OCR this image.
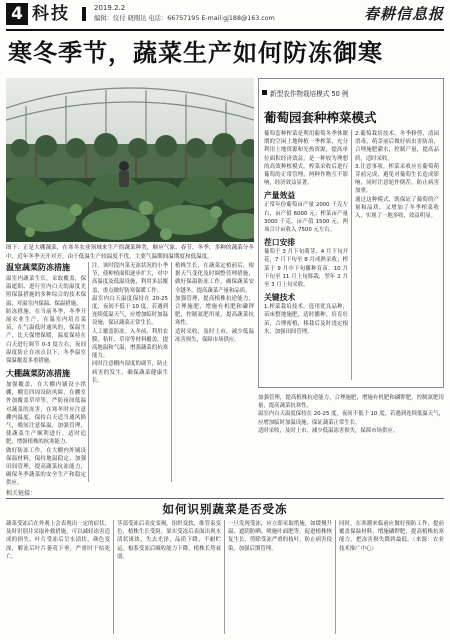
4 科技	2019.2.2
编辑：仪付 晓刚达 电话：66757195 E-mail:gj188@163.com	春耕信息报
寒冬季节，蔬菜生产如何防冻御寒
图下：正是大棚蔬菜，在寒冬农业领域来生产的蔬菜种类，顺应气象。春节，冬季，多种的蔬菜分冬中，近年冬季天开对开，由于低温生产较温度不优，主要气温期间温期度和低温度。
温室蔬菜防冻措施

温室内蔬菜生长，采取覆盖，保温遮阳、进行室内白天的温度光照保温措施的多种综合的技术保温，对温室内保温、保温措施。

防冻措施。在当前冬季，冬季开展农业生产，在温室内培育菜苗，在气温低时通风的，保温生产，比天保增保暖，温度保持在白天进行调节 0-3 度左右，夜间温度防止在冰点以下，冬季温室保温覆盖多重措施。

大棚蔬菜防冻措施

加强覆盖，在大棚内铺设小拱棚，棚室四周设防风障，在棚室外加覆盖草帘等，严防夜间低温对蔬菜的冻害，在寒冬时应注意棚内温度，保持白天适当通风换气，晚间注意保温，加强管理，使蔬菜生产顺利进行，适时追肥，增强植株的抗寒能力。

做好防冻工作，在大棚内外铺设保温材料，保持地温稳定，加强田间管理，提高蔬菜抗冻能力，确保冬季蔬菜的安全生产和稳定供应。

注，该时段内菜无冻状况的小季节，使种植面积逐步扩大，对中高温度及低温设施，利用多层覆盖，重点做好防寒保暖工作。

温室内白天温度保持在 20-25 度，夜间不低于 10 度，若遇到连续低温天气，应增加临时加温设施，保证蔬菜正常生长。

人工覆盖防冻。入冬前，利用农膜、秸秆、草帘等材料覆盖，提高地温和气温，增强蔬菜的抗寒能力。

同时注意棚内湿度的调节，防止病害的发生，确保蔬菜健康生长。

植株生长，在蔬菜定植前后，根据天气变化及时调整管理措施，做好保温防冻工作，确保蔬菜安全越冬，提高蔬菜产量和品质。

加强管理，提高植株抗逆能力，合理施肥，增施有机肥和磷钾肥，控制氮肥用量，提高蔬菜抗寒性。

适时采收，及时上市，减少低温冻害损失，保障市场供应。

新型农作物栽培模式 50 例
葡萄园套种榨菜模式

葡萄套种榨菜是利用葡萄冬季休眠期的空闲土地种植一季榨菜，充分利用土地资源和光热资源，提高单位面积经济效益，是一种较为理想的高效种植模式。榨菜采收后进行葡萄的正常管理，两种作物互不影响，经济效益显著。

产量效益

正常年份葡萄亩产量 2000 千克左右，亩产值 6000 元；榨菜亩产量 3000 千克，亩产值 1500 元，两项合计亩收入 7500 元左右。

茬口安排

葡萄于 3 月下旬萌芽，4 月下旬开花，7 月下旬至 8 月成熟采收；榨菜于 9 月中下旬播种育苗，10 月下旬至 11 月上旬移栽，翌年 2 月至 3 月上旬采收。

关键技术

1.榨菜栽培技术。选用优良品种，苗床整地施肥，适时播种，培育壮苗，合理密植，移栽后及时浇定根水，加强田间管理。

2.葡萄栽培技术。冬季修剪，清园消毒，萌芽前后做好病虫害防治，合理施肥灌水，控制产量，提高品质，适时采收。

3.注意事项。榨菜采收应在葡萄萌芽前完成，避免对葡萄生长造成影响，同时注意轮作倒茬，防止病害加重。

通过这种模式，既保证了葡萄的产量和品质，又增加了冬季榨菜收入，实现了一地多收，效益明显。

加强管理，提高植株抗逆能力，合理施肥，增施有机肥和磷钾肥，控制氮肥用量，提高蔬菜抗寒性。

温室内白天温度保持在 20-25 度，夜间不低于 10 度，若遇到连续低温天气，应增加临时加温设施，保证蔬菜正常生长。

适时采收，及时上市，减少低温冻害损失，保障市场供应。

相关链接：
如何识别蔬菜是否受冻

蔬菜受冻后在外观上会表现出一定的症状，及时识别并采取补救措施，可以减轻冻害造成的损失。叶片受冻后呈水渍状，颜色变深，解冻后叶片萎蔫下垂，严重时干枯死亡。

茎部受冻后表皮变褐，组织变软，维管束变色，植株生长受阻。果实受冻后表面出现水渍状斑块，失去光泽，品质下降，不耐贮运。根系受冻后吸收能力下降，植株长势衰弱。

一旦发现受冻，应立即采取措施，如缓慢升温、遮阴防晒、喷施叶面肥等，促进植株恢复生长，剪除受冻严重的枝叶，防止病害侵染，加强后期管理。

同时，在寒潮来临前应做好预防工作，提前覆盖保温材料，增施磷钾肥，提高植株抗寒能力，把冻害损失降到最低。（来源：农业技术推广中心）
